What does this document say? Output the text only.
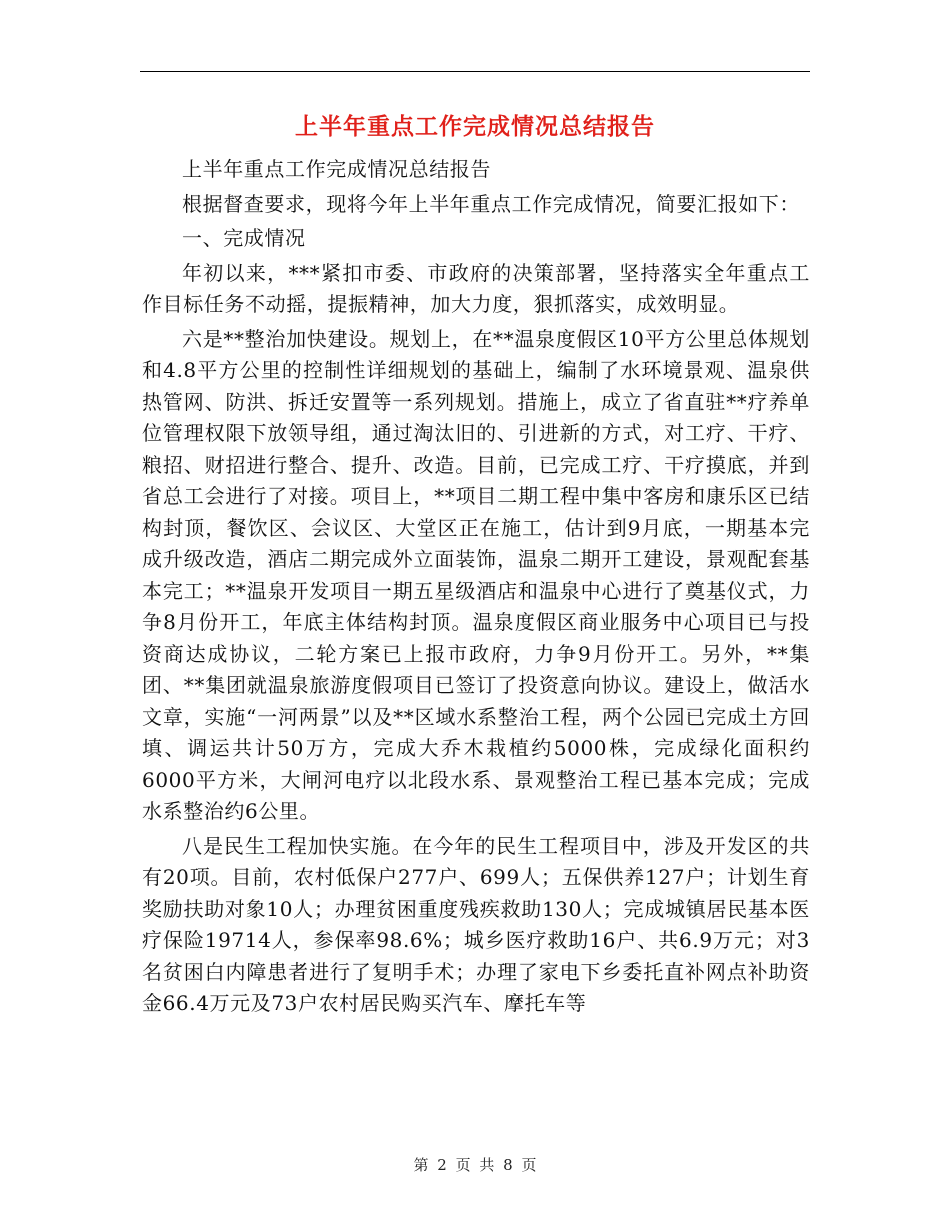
上半年重点工作完成情况总结报告

上半年重点工作完成情况总结报告

根据督查要求，现将今年上半年重点工作完成情况，简要汇报如下：

一、完成情况

年初以来，***紧扣市委、市政府的决策部署，坚持落实全年重点工作目标任务不动摇，提振精神，加大力度，狠抓落实，成效明显。

六是**整治加快建设。规划上，在**温泉度假区10平方公里总体规划和4.8平方公里的控制性详细规划的基础上，编制了水环境景观、温泉供热管网、防洪、拆迁安置等一系列规划。措施上，成立了省直驻**疗养单位管理权限下放领导组，通过淘汰旧的、引进新的方式，对工疗、干疗、粮招、财招进行整合、提升、改造。目前，已完成工疗、干疗摸底，并到省总工会进行了对接。项目上，**项目二期工程中集中客房和康乐区已结构封顶，餐饮区、会议区、大堂区正在施工，估计到9月底，一期基本完成升级改造，酒店二期完成外立面装饰，温泉二期开工建设，景观配套基本完工；**温泉开发项目一期五星级酒店和温泉中心进行了奠基仪式，力争8月份开工，年底主体结构封顶。温泉度假区商业服务中心项目已与投资商达成协议，二轮方案已上报市政府，力争9月份开工。另外，**集团、**集团就温泉旅游度假项目已签订了投资意向协议。建设上，做活水文章，实施“一河两景”以及**区域水系整治工程，两个公园已完成土方回填、调运共计50万方，完成大乔木栽植约5000株，完成绿化面积约6000平方米，大闸河电疗以北段水系、景观整治工程已基本完成；完成水系整治约6公里。

八是民生工程加快实施。在今年的民生工程项目中，涉及开发区的共有20项。目前，农村低保户277户、699人；五保供养127户；计划生育奖励扶助对象10人；办理贫困重度残疾救助130人；完成城镇居民基本医疗保险19714人，参保率98.6%；城乡医疗救助16户、共6.9万元；对3名贫困白内障患者进行了复明手术；办理了家电下乡委托直补网点补助资金66.4万元及73户农村居民购买汽车、摩托车等

第 2 页 共 8 页
